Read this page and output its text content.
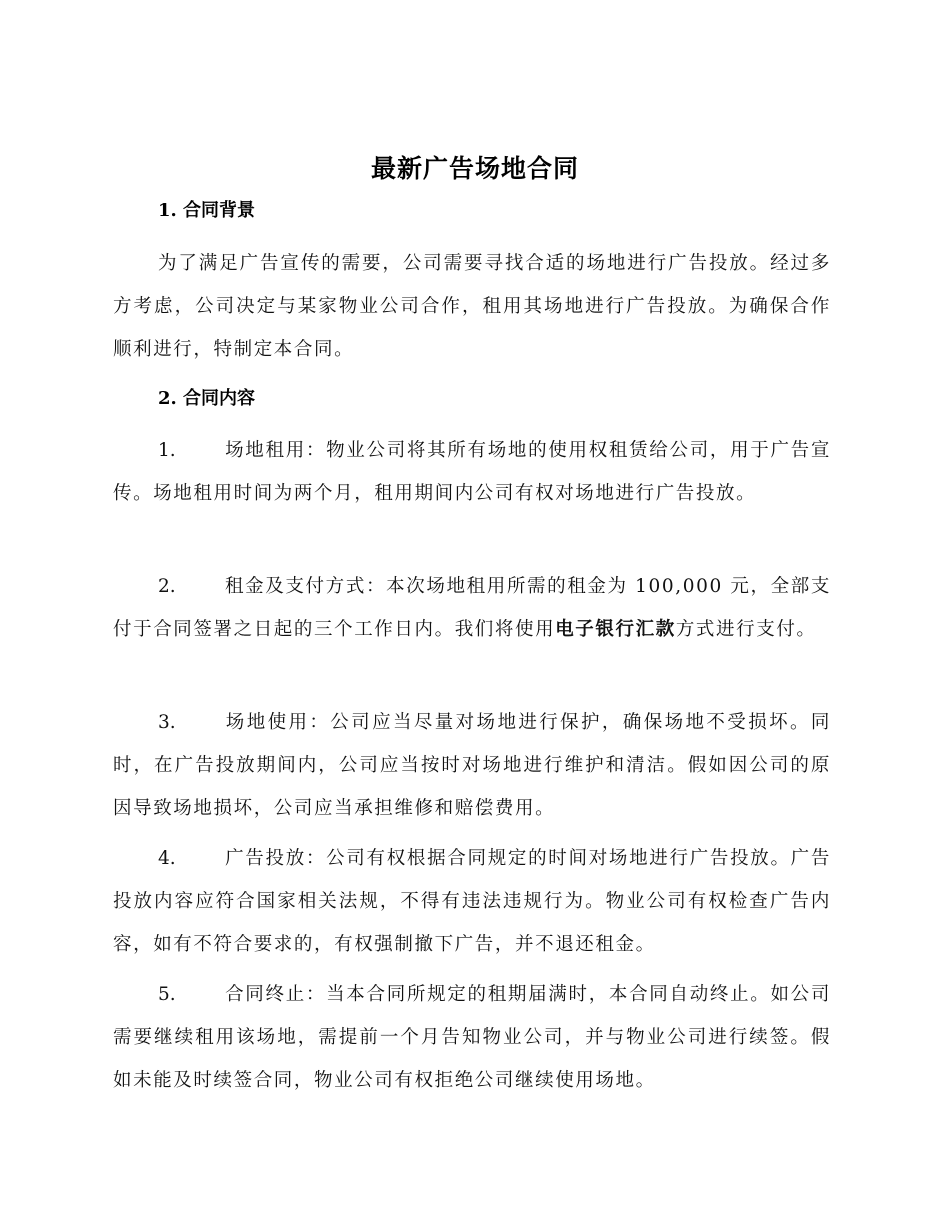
最新广告场地合同
1. 合同背景

为了满足广告宣传的需要，公司需要寻找合适的场地进行广告投放。经过多方考虑，公司决定与某家物业公司合作，租用其场地进行广告投放。为确保合作顺利进行，特制定本合同。

2. 合同内容

1.	场地租用：物业公司将其所有场地的使用权租赁给公司，用于广告宣传。场地租用时间为两个月，租用期间内公司有权对场地进行广告投放。

2.	租金及支付方式：本次场地租用所需的租金为 100,000 元，全部支付于合同签署之日起的三个工作日内。我们将使用电子银行汇款方式进行支付。

3.	场地使用：公司应当尽量对场地进行保护，确保场地不受损坏。同时，在广告投放期间内，公司应当按时对场地进行维护和清洁。假如因公司的原因导致场地损坏，公司应当承担维修和赔偿费用。

4.	广告投放：公司有权根据合同规定的时间对场地进行广告投放。广告投放内容应符合国家相关法规，不得有违法违规行为。物业公司有权检查广告内容，如有不符合要求的，有权强制撤下广告，并不退还租金。

5.	合同终止：当本合同所规定的租期届满时，本合同自动终止。如公司需要继续租用该场地，需提前一个月告知物业公司，并与物业公司进行续签。假如未能及时续签合同，物业公司有权拒绝公司继续使用场地。
